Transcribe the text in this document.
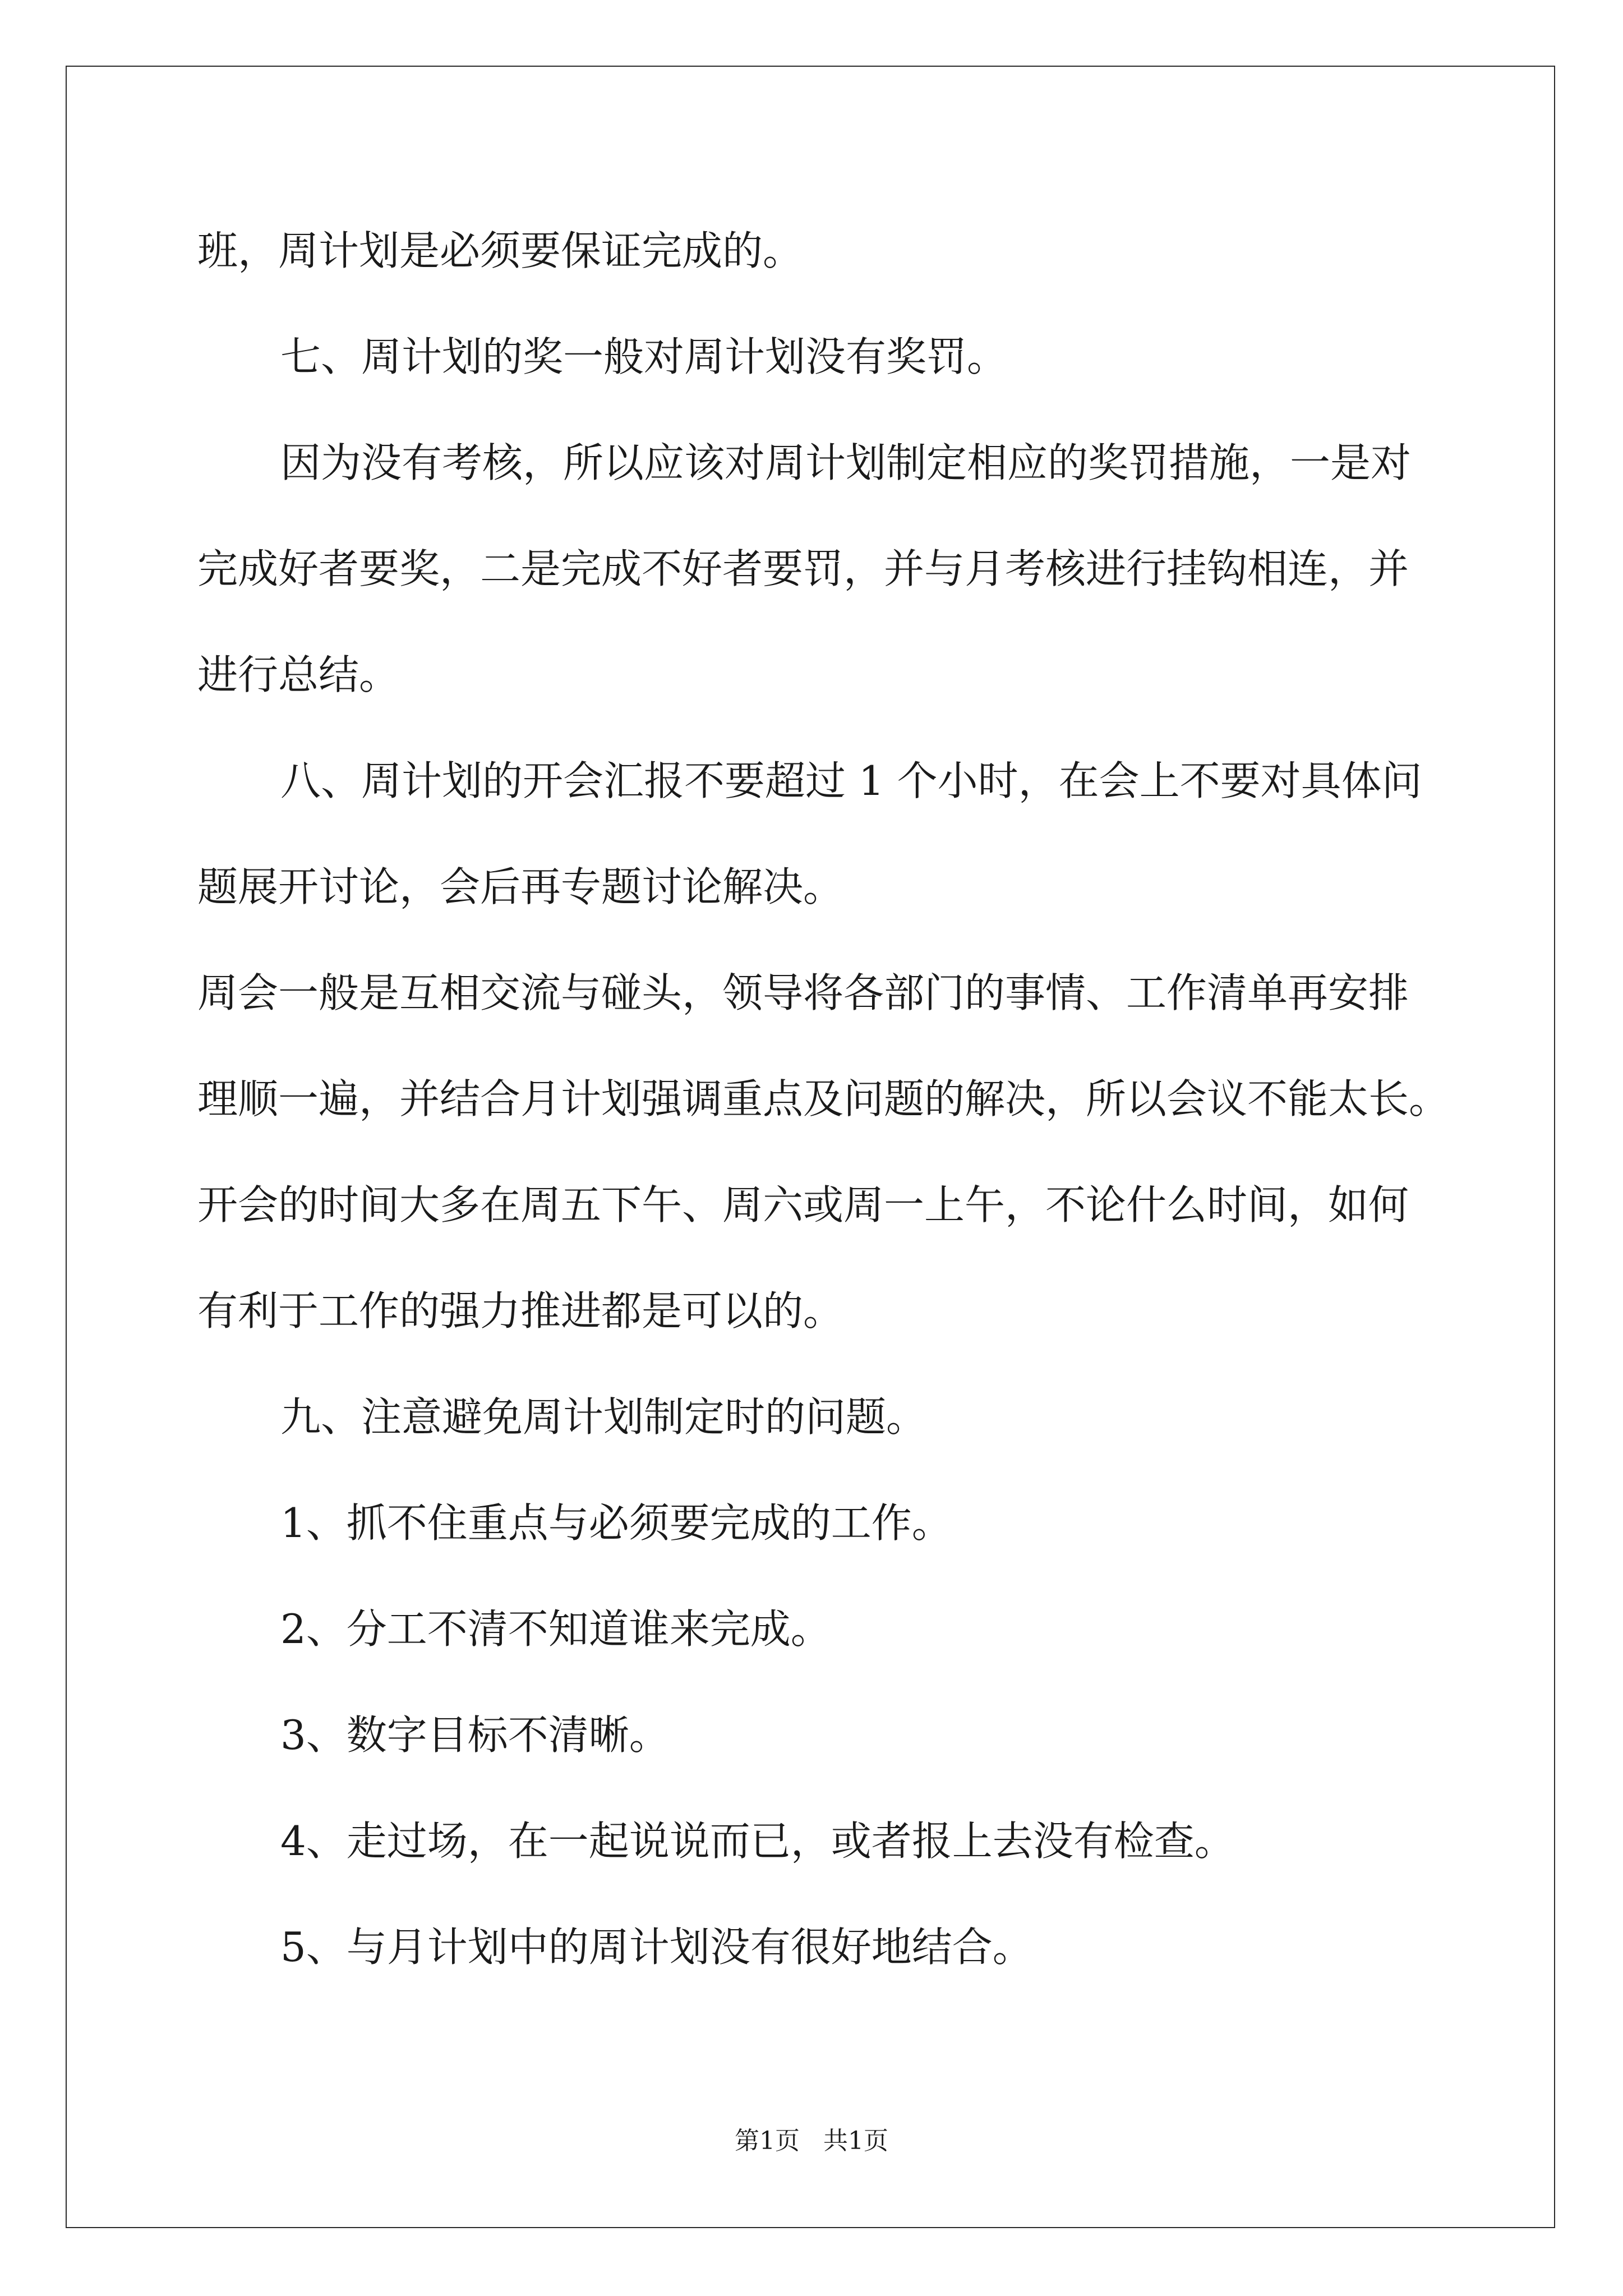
班，周计划是必须要保证完成的。
七、周计划的奖一般对周计划没有奖罚。
因为没有考核，所以应该对周计划制定相应的奖罚措施，一是对
完成好者要奖，二是完成不好者要罚，并与月考核进行挂钩相连，并
进行总结。
八、周计划的开会汇报不要超过 1 个小时，在会上不要对具体问
题展开讨论，会后再专题讨论解决。
周会一般是互相交流与碰头，领导将各部门的事情、工作清单再安排
理顺一遍，并结合月计划强调重点及问题的解决，所以会议不能太长。
开会的时间大多在周五下午、周六或周一上午，不论什么时间，如何
有利于工作的强力推进都是可以的。
九、注意避免周计划制定时的问题。
1、抓不住重点与必须要完成的工作。
2、分工不清不知道谁来完成。
3、数字目标不清晰。
4、走过场，在一起说说而已，或者报上去没有检查。
5、与月计划中的周计划没有很好地结合。
第1页   共1页
